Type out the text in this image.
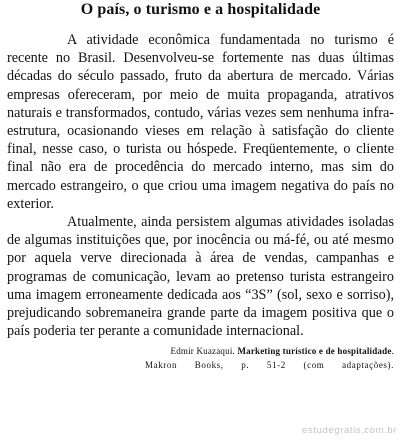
O país, o turismo e a hospitalidade

A atividade econômica fundamentada no turismo é recente no Brasil. Desenvolveu-se fortemente nas duas últimas décadas do século passado, fruto da abertura de mercado. Várias empresas ofereceram, por meio de muita propaganda, atrativos naturais e transformados, contudo, várias vezes sem nenhuma infra-estrutura, ocasionando vieses em relação à satisfação do cliente final, nesse caso, o turista ou hóspede. Freqüentemente, o cliente final não era de procedência do mercado interno, mas sim do mercado estrangeiro, o que criou uma imagem negativa do país no exterior.

Atualmente, ainda persistem algumas atividades isoladas de algumas instituições que, por inocência ou má-fé, ou até mesmo por aquela verve direcionada à área de vendas, campanhas e programas de comunicação, levam ao pretenso turista estrangeiro uma imagem erroneamente dedicada aos “3S” (sol, sexo e sorriso), prejudicando sobremaneira grande parte da imagem positiva que o país poderia ter perante a comunidade internacional.

Edmir Kuazaqui. Marketing turístico e de hospitalidade.
Makron Books, p. 51-2 (com adaptações).
estudegratis.com.br
